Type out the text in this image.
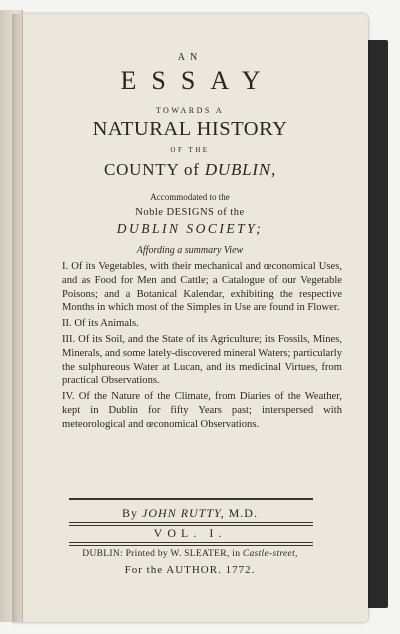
AN
ESSAY
TOWARDS A
NATURAL HISTORY
OF THE
COUNTY of DUBLIN,
Accommodated to the
Noble DESIGNS of the
DUBLIN SOCIETY;
Affording a summary View

I. Of its Vegetables, with their mechanical and œconomical Uses, and as Food for Men and Cattle; a Catalogue of our Vegetable Poisons; and a Botanical Kalendar, exhibiting the respective Months in which most of the Simples in Use are found in Flower.

II. Of its Animals.

III. Of its Soil, and the State of its Agriculture; its Fossils, Mines, Minerals, and some lately-discovered mineral Waters; particularly the sulphureous Water at Lucan, and its medicinal Virtues, from practical Observations.

IV. Of the Nature of the Climate, from Diaries of the Weather, kept in Dublin for fifty Years past; interspersed with meteorological and œconomical Observations.

By JOHN RUTTY, M.D.
VOL. I.
DUBLIN: Printed by W. SLEATER, in Castle-street,
For the AUTHOR. 1772.
